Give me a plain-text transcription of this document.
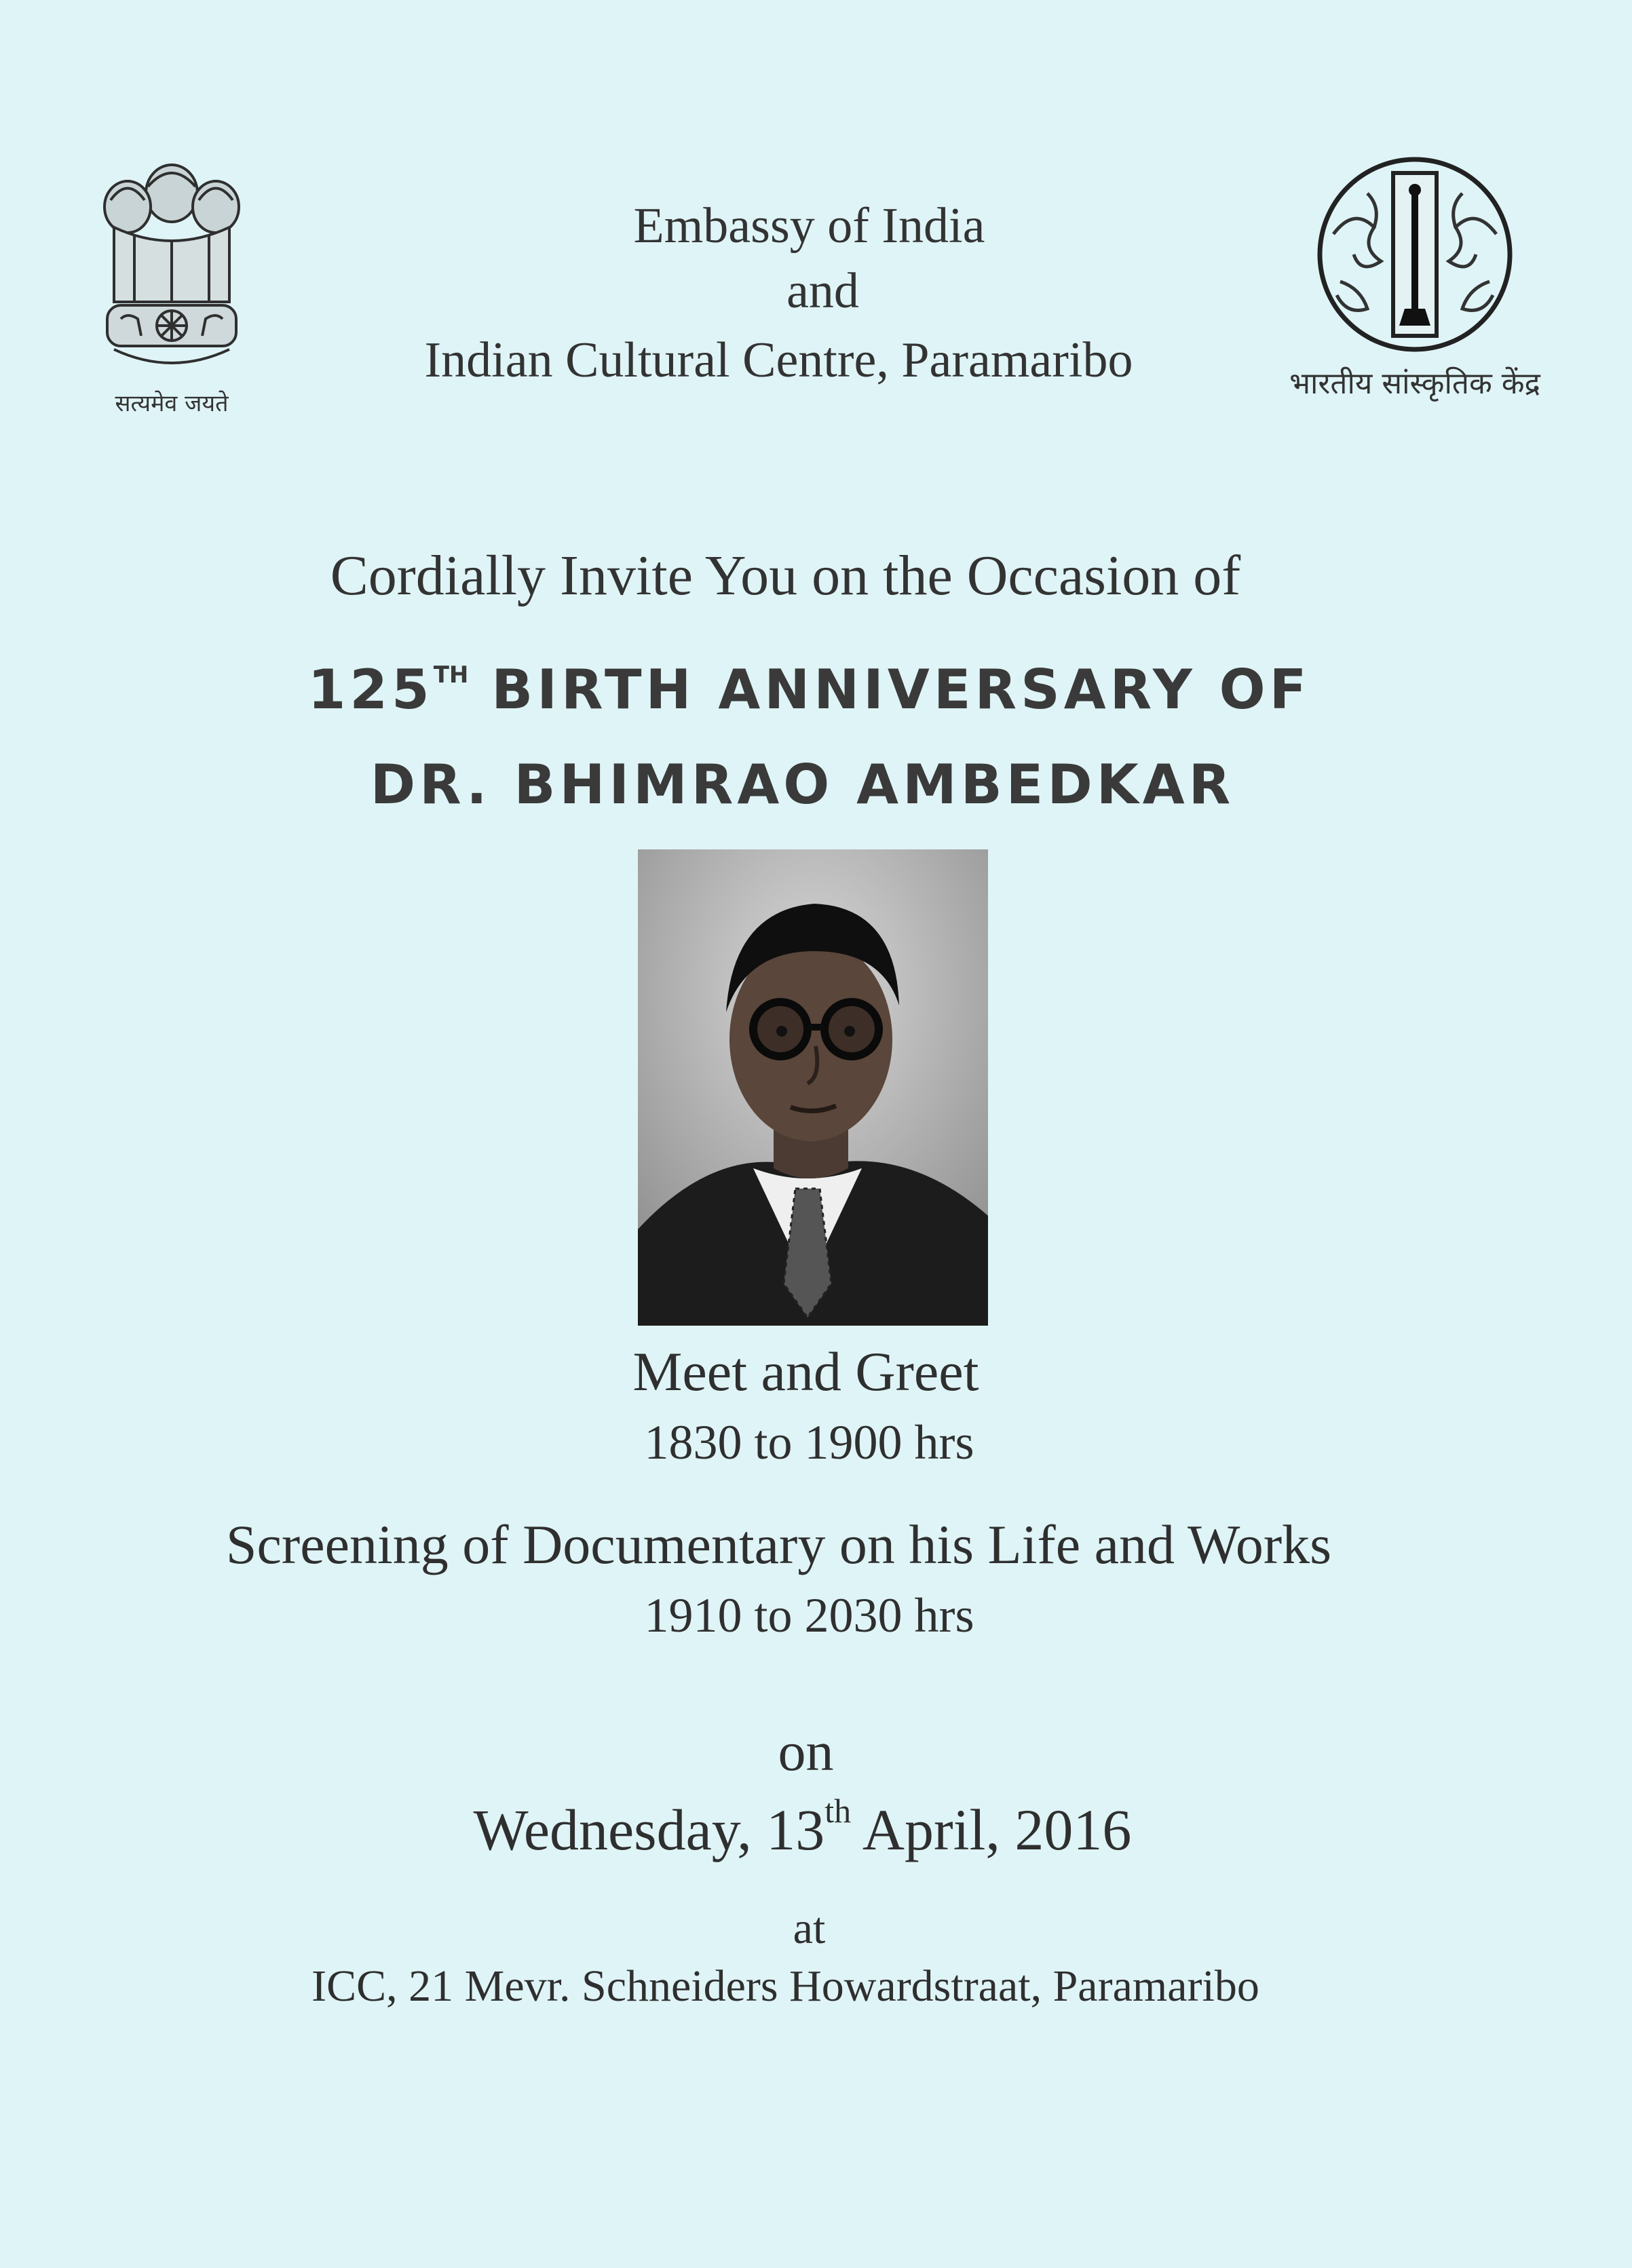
सत्यमेव जयते
Embassy of India
and
Indian Cultural Centre, Paramaribo	भारतीय सांस्कृतिक केंद्र
Cordially Invite You on the Occasion of
125TH BIRTH ANNIVERSARY OF
DR. BHIMRAO AMBEDKAR
Meet and Greet
1830 to 1900 hrs
Screening of Documentary on his Life and Works
1910 to 2030 hrs
on
Wednesday, 13th April, 2016
at
ICC, 21 Mevr. Schneiders Howardstraat, Paramaribo
